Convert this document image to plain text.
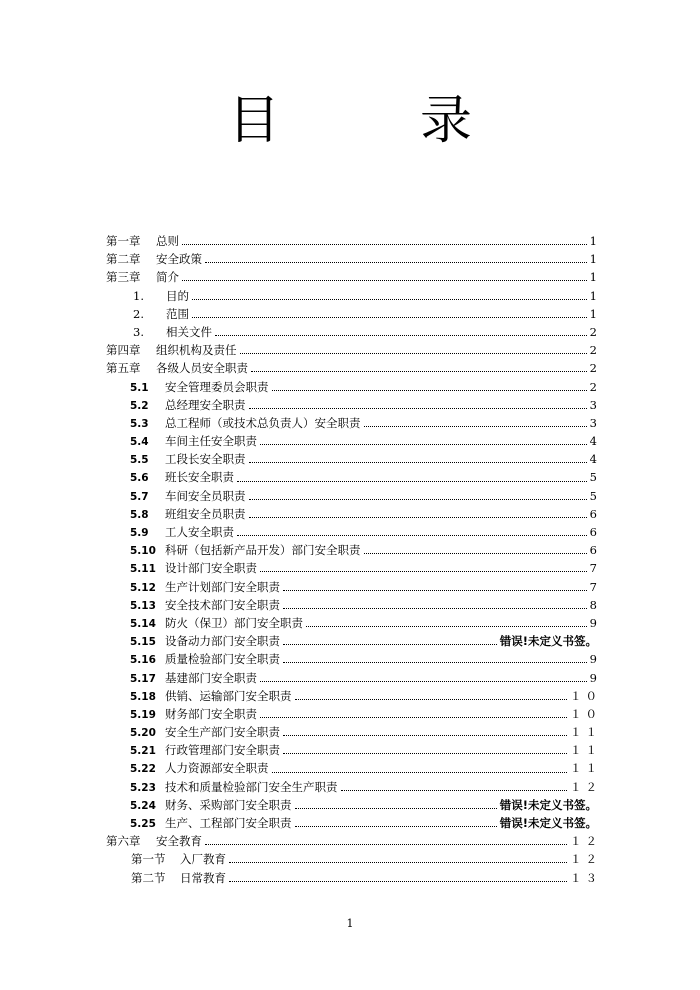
目　录
第一章	总则	1
第二章	安全政策	1
第三章	简介	1
1.	目的	1
2.	范围	1
3.	相关文件	2
第四章	组织机构及责任	2
第五章	各级人员安全职责	2
5.1	安全管理委员会职责	2
5.2	总经理安全职责	3
5.3	总工程师（或技术总负责人）安全职责	3
5.4	车间主任安全职责	4
5.5	工段长安全职责	4
5.6	班长安全职责	5
5.7	车间安全员职责	5
5.8	班组安全员职责	6
5.9	工人安全职责	6
5.10 科研（包括新产品开发）部门安全职责	6
5.11 设计部门安全职责	7
5.12 生产计划部门安全职责	7
5.13 安全技术部门安全职责	8
5.14 防火（保卫）部门安全职责	9
5.15 设备动力部门安全职责	错误!未定义书签。
5.16 质量检验部门安全职责	9
5.17 基建部门安全职责	9
5.18 供销、运输部门安全职责	１０
5.19 财务部门安全职责	１０
5.20 安全生产部门安全职责	１１
5.21 行政管理部门安全职责	１１
5.22 人力资源部安全职责	１１
5.23 技术和质量检验部门安全生产职责	１２
5.24 财务、采购部门安全职责	错误!未定义书签。
5.25 生产、工程部门安全职责	错误!未定义书签。
第六章	安全教育	１２
第一节	入厂教育	１２
第二节	日常教育	１３
1
